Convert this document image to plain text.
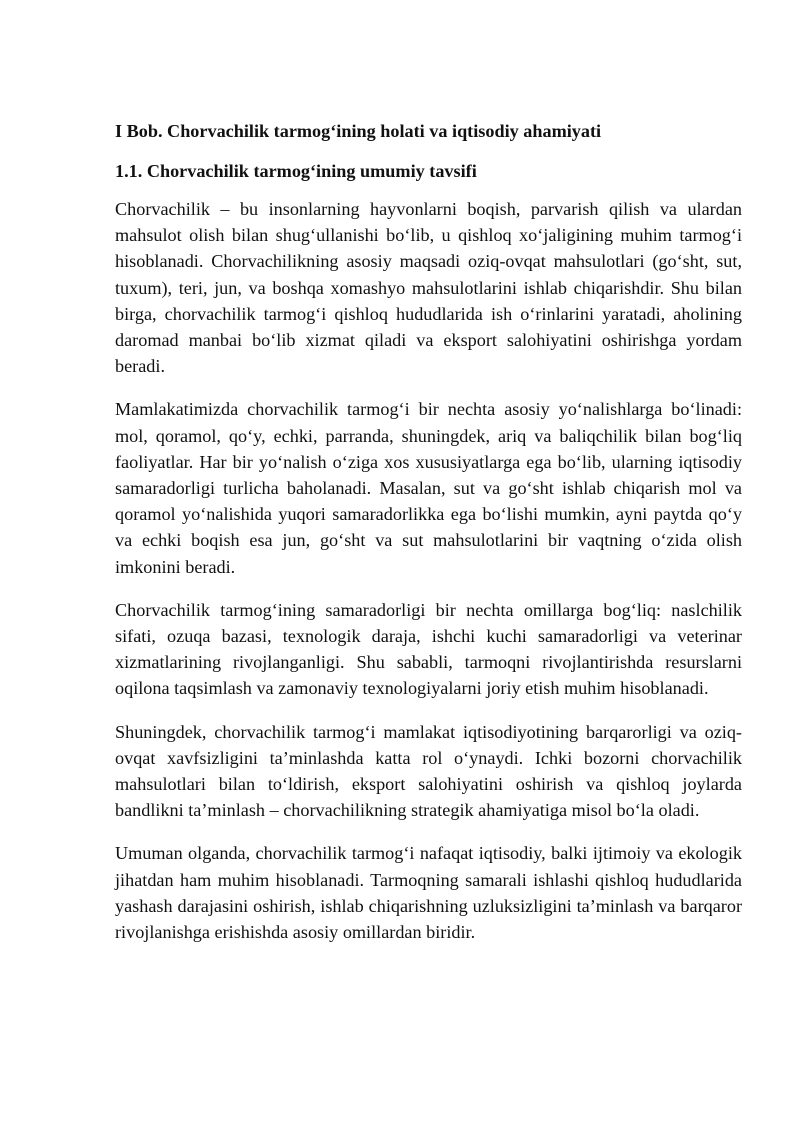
I Bob. Chorvachilik tarmog‘ining holati va iqtisodiy ahamiyati
1.1. Chorvachilik tarmog‘ining umumiy tavsifi

Chorvachilik – bu insonlarning hayvonlarni boqish, parvarish qilish va ulardan mahsulot olish bilan shug‘ullanishi bo‘lib, u qishloq xo‘jaligining muhim tarmog‘i hisoblanadi. Chorvachilikning asosiy maqsadi oziq-ovqat mahsulotlari (go‘sht, sut, tuxum), teri, jun, va boshqa xomashyo mahsulotlarini ishlab chiqarishdir. Shu bilan birga, chorvachilik tarmog‘i qishloq hududlarida ish o‘rinlarini yaratadi, aholining daromad manbai bo‘lib xizmat qiladi va eksport salohiyatini oshirishga yordam beradi.

Mamlakatimizda chorvachilik tarmog‘i bir nechta asosiy yo‘nalishlarga bo‘linadi: mol, qoramol, qo‘y, echki, parranda, shuningdek, ariq va baliqchilik bilan bog‘liq faoliyatlar. Har bir yo‘nalish o‘ziga xos xususiyatlarga ega bo‘lib, ularning iqtisodiy samaradorligi turlicha baholanadi. Masalan, sut va go‘sht ishlab chiqarish mol va qoramol yo‘nalishida yuqori samaradorlikka ega bo‘lishi mumkin, ayni paytda qo‘y va echki boqish esa jun, go‘sht va sut mahsulotlarini bir vaqtning o‘zida olish imkonini beradi.

Chorvachilik tarmog‘ining samaradorligi bir nechta omillarga bog‘liq: naslchilik sifati, ozuqa bazasi, texnologik daraja, ishchi kuchi samaradorligi va veterinar xizmatlarining rivojlanganligi. Shu sababli, tarmoqni rivojlantirishda resurslarni oqilona taqsimlash va zamonaviy texnologiyalarni joriy etish muhim hisoblanadi.

Shuningdek, chorvachilik tarmog‘i mamlakat iqtisodiyotining barqarorligi va oziq-ovqat xavfsizligini ta’minlashda katta rol o‘ynaydi. Ichki bozorni chorvachilik mahsulotlari bilan to‘ldirish, eksport salohiyatini oshirish va qishloq joylarda bandlikni ta’minlash – chorvachilikning strategik ahamiyatiga misol bo‘la oladi.

Umuman olganda, chorvachilik tarmog‘i nafaqat iqtisodiy, balki ijtimoiy va ekologik jihatdan ham muhim hisoblanadi. Tarmoqning samarali ishlashi qishloq hududlarida yashash darajasini oshirish, ishlab chiqarishning uzluksizligini ta’minlash va barqaror rivojlanishga erishishda asosiy omillardan biridir.
